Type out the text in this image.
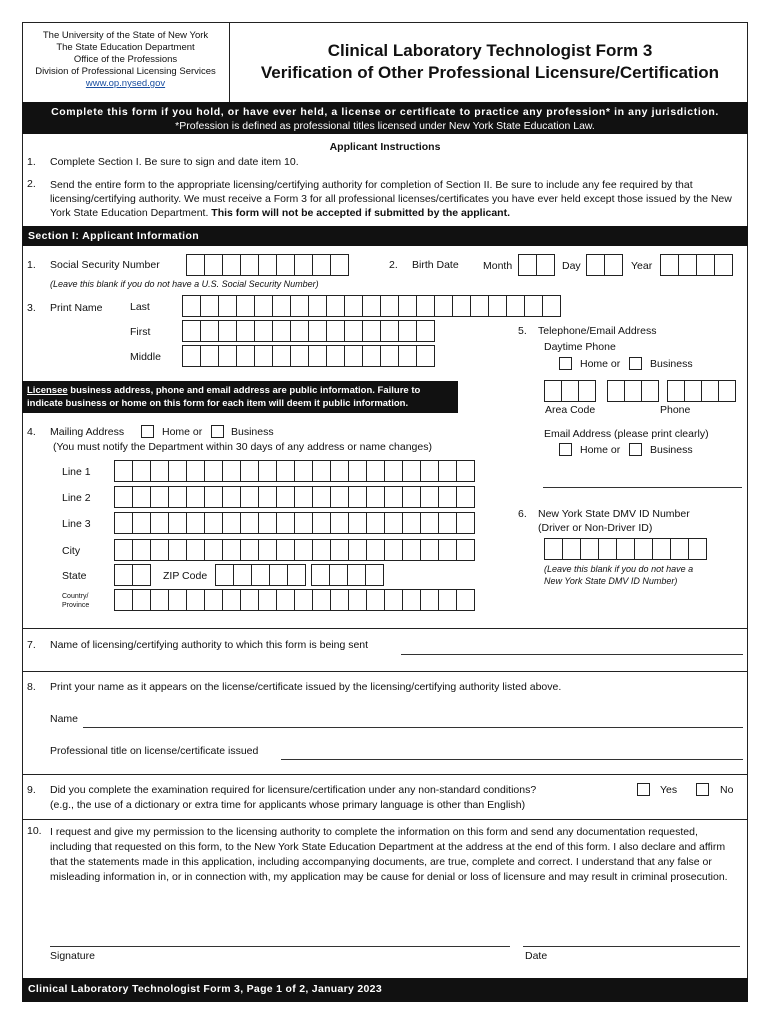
The University of the State of New York
The State Education Department
Office of the Professions
Division of Professional Licensing Services
www.op.nysed.gov
Clinical Laboratory Technologist Form 3
Verification of Other Professional Licensure/Certification
Complete this form if you hold, or have ever held, a license or certificate to practice any profession* in any jurisdiction.
*Profession is defined as professional titles licensed under New York State Education Law.
Applicant Instructions
1. Complete Section I. Be sure to sign and date item 10.
2. Send the entire form to the appropriate licensing/certifying authority for completion of Section II. Be sure to include any fee required by that licensing/certifying authority. We must receive a Form 3 for all professional licenses/certificates you have ever held except those issued by the New York State Education Department. This form will not be accepted if submitted by the applicant.
Section I: Applicant Information
1. Social Security Number
(Leave this blank if you do not have a U.S. Social Security Number)
2. Birth Date Month	Day	Year
3. Print Name	Last
First
Middle
5. Telephone/Email Address
Daytime Phone
Home or	Business
Area Code	Phone
Email Address (please print clearly)
Home or	Business
Licensee business address, phone and email address are public information. Failure to indicate business or home on this form for each item will deem it public information.
4. Mailing Address	Home or	Business
(You must notify the Department within 30 days of any address or name changes)
Line 1
Line 2
Line 3
City
State	ZIP Code
Country/
Province
6. New York State DMV ID Number
(Driver or Non-Driver ID)
(Leave this blank if you do not have a
New York State DMV ID Number)
7. Name of licensing/certifying authority to which this form is being sent
8. Print your name as it appears on the license/certificate issued by the licensing/certifying authority listed above.
Name
Professional title on license/certificate issued
9. Did you complete the examination required for licensure/certification under any non-standard conditions?
(e.g., the use of a dictionary or extra time for applicants whose primary language is other than English)
Yes	No
10. I request and give my permission to the licensing authority to complete the information on this form and send any documentation requested, including that requested on this form, to the New York State Education Department at the address at the end of this form. I also declare and affirm that the statements made in this application, including accompanying documents, are true, complete and correct. I understand that any false or misleading information in, or in connection with, my application may be cause for denial or loss of licensure and may result in criminal prosecution.
Signature	Date
Clinical Laboratory Technologist Form 3, Page 1 of 2, January 2023
